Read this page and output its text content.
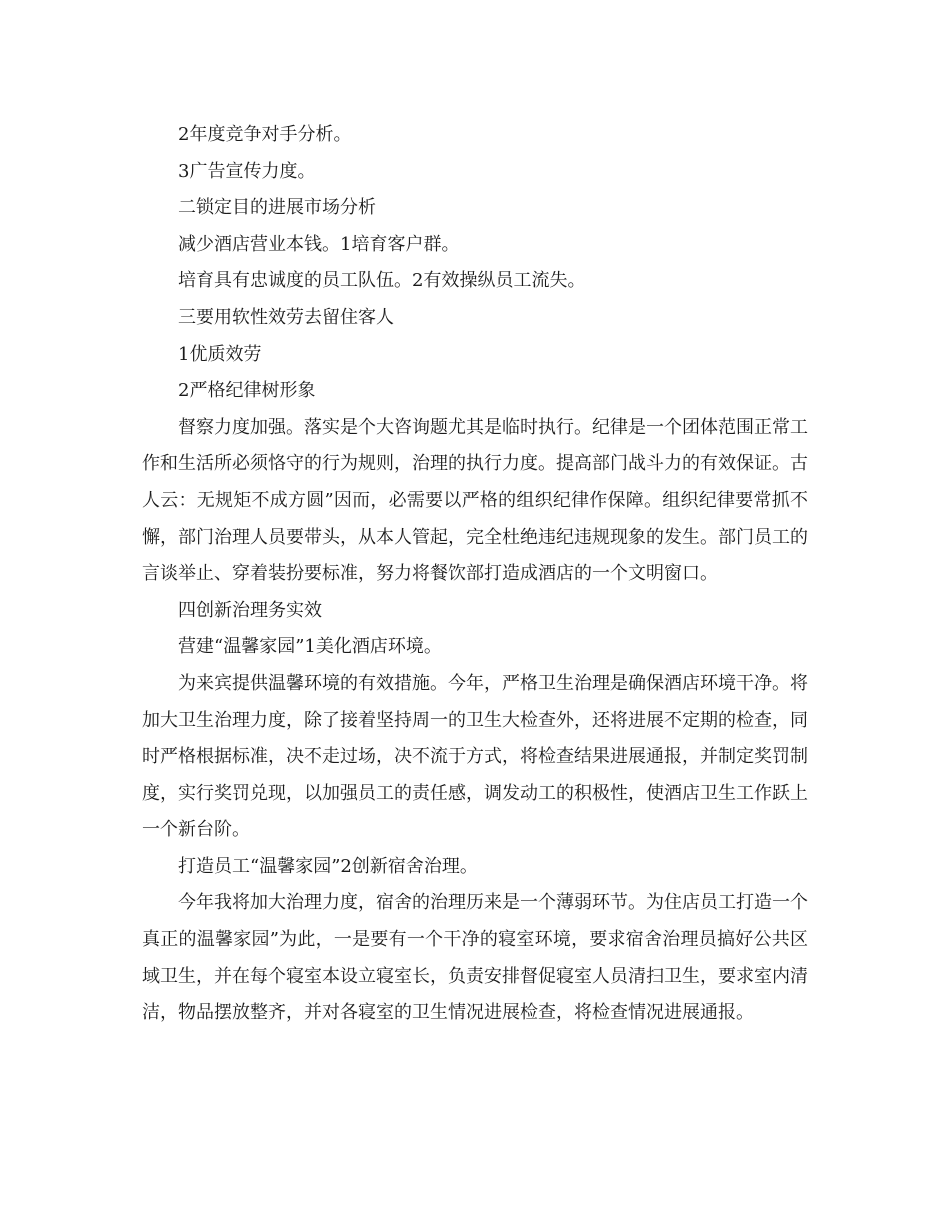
2年度竞争对手分析。

3广告宣传力度。

二锁定目的进展市场分析

减少酒店营业本钱。1培育客户群。

培育具有忠诚度的员工队伍。2有效操纵员工流失。

三要用软性效劳去留住客人

1优质效劳

2严格纪律树形象

督察力度加强。落实是个大咨询题尤其是临时执行。纪律是一个团体范围正常工作和生活所必须恪守的行为规则，治理的执行力度。提高部门战斗力的有效保证。古人云：无规矩不成方圆”因而，必需要以严格的组织纪律作保障。组织纪律要常抓不懈，部门治理人员要带头，从本人管起，完全杜绝违纪违规现象的发生。部门员工的言谈举止、穿着装扮要标准，努力将餐饮部打造成酒店的一个文明窗口。

四创新治理务实效

营建“温馨家园”1美化酒店环境。

为来宾提供温馨环境的有效措施。今年，严格卫生治理是确保酒店环境干净。将加大卫生治理力度，除了接着坚持周一的卫生大检查外，还将进展不定期的检查，同时严格根据标准，决不走过场，决不流于方式，将检查结果进展通报，并制定奖罚制度，实行奖罚兑现，以加强员工的责任感，调发动工的积极性，使酒店卫生工作跃上一个新台阶。

打造员工“温馨家园”2创新宿舍治理。

今年我将加大治理力度，宿舍的治理历来是一个薄弱环节。为住店员工打造一个真正的温馨家园”为此，一是要有一个干净的寝室环境，要求宿舍治理员搞好公共区域卫生，并在每个寝室本设立寝室长，负责安排督促寝室人员清扫卫生，要求室内清洁，物品摆放整齐，并对各寝室的卫生情况进展检查，将检查情况进展通报。
